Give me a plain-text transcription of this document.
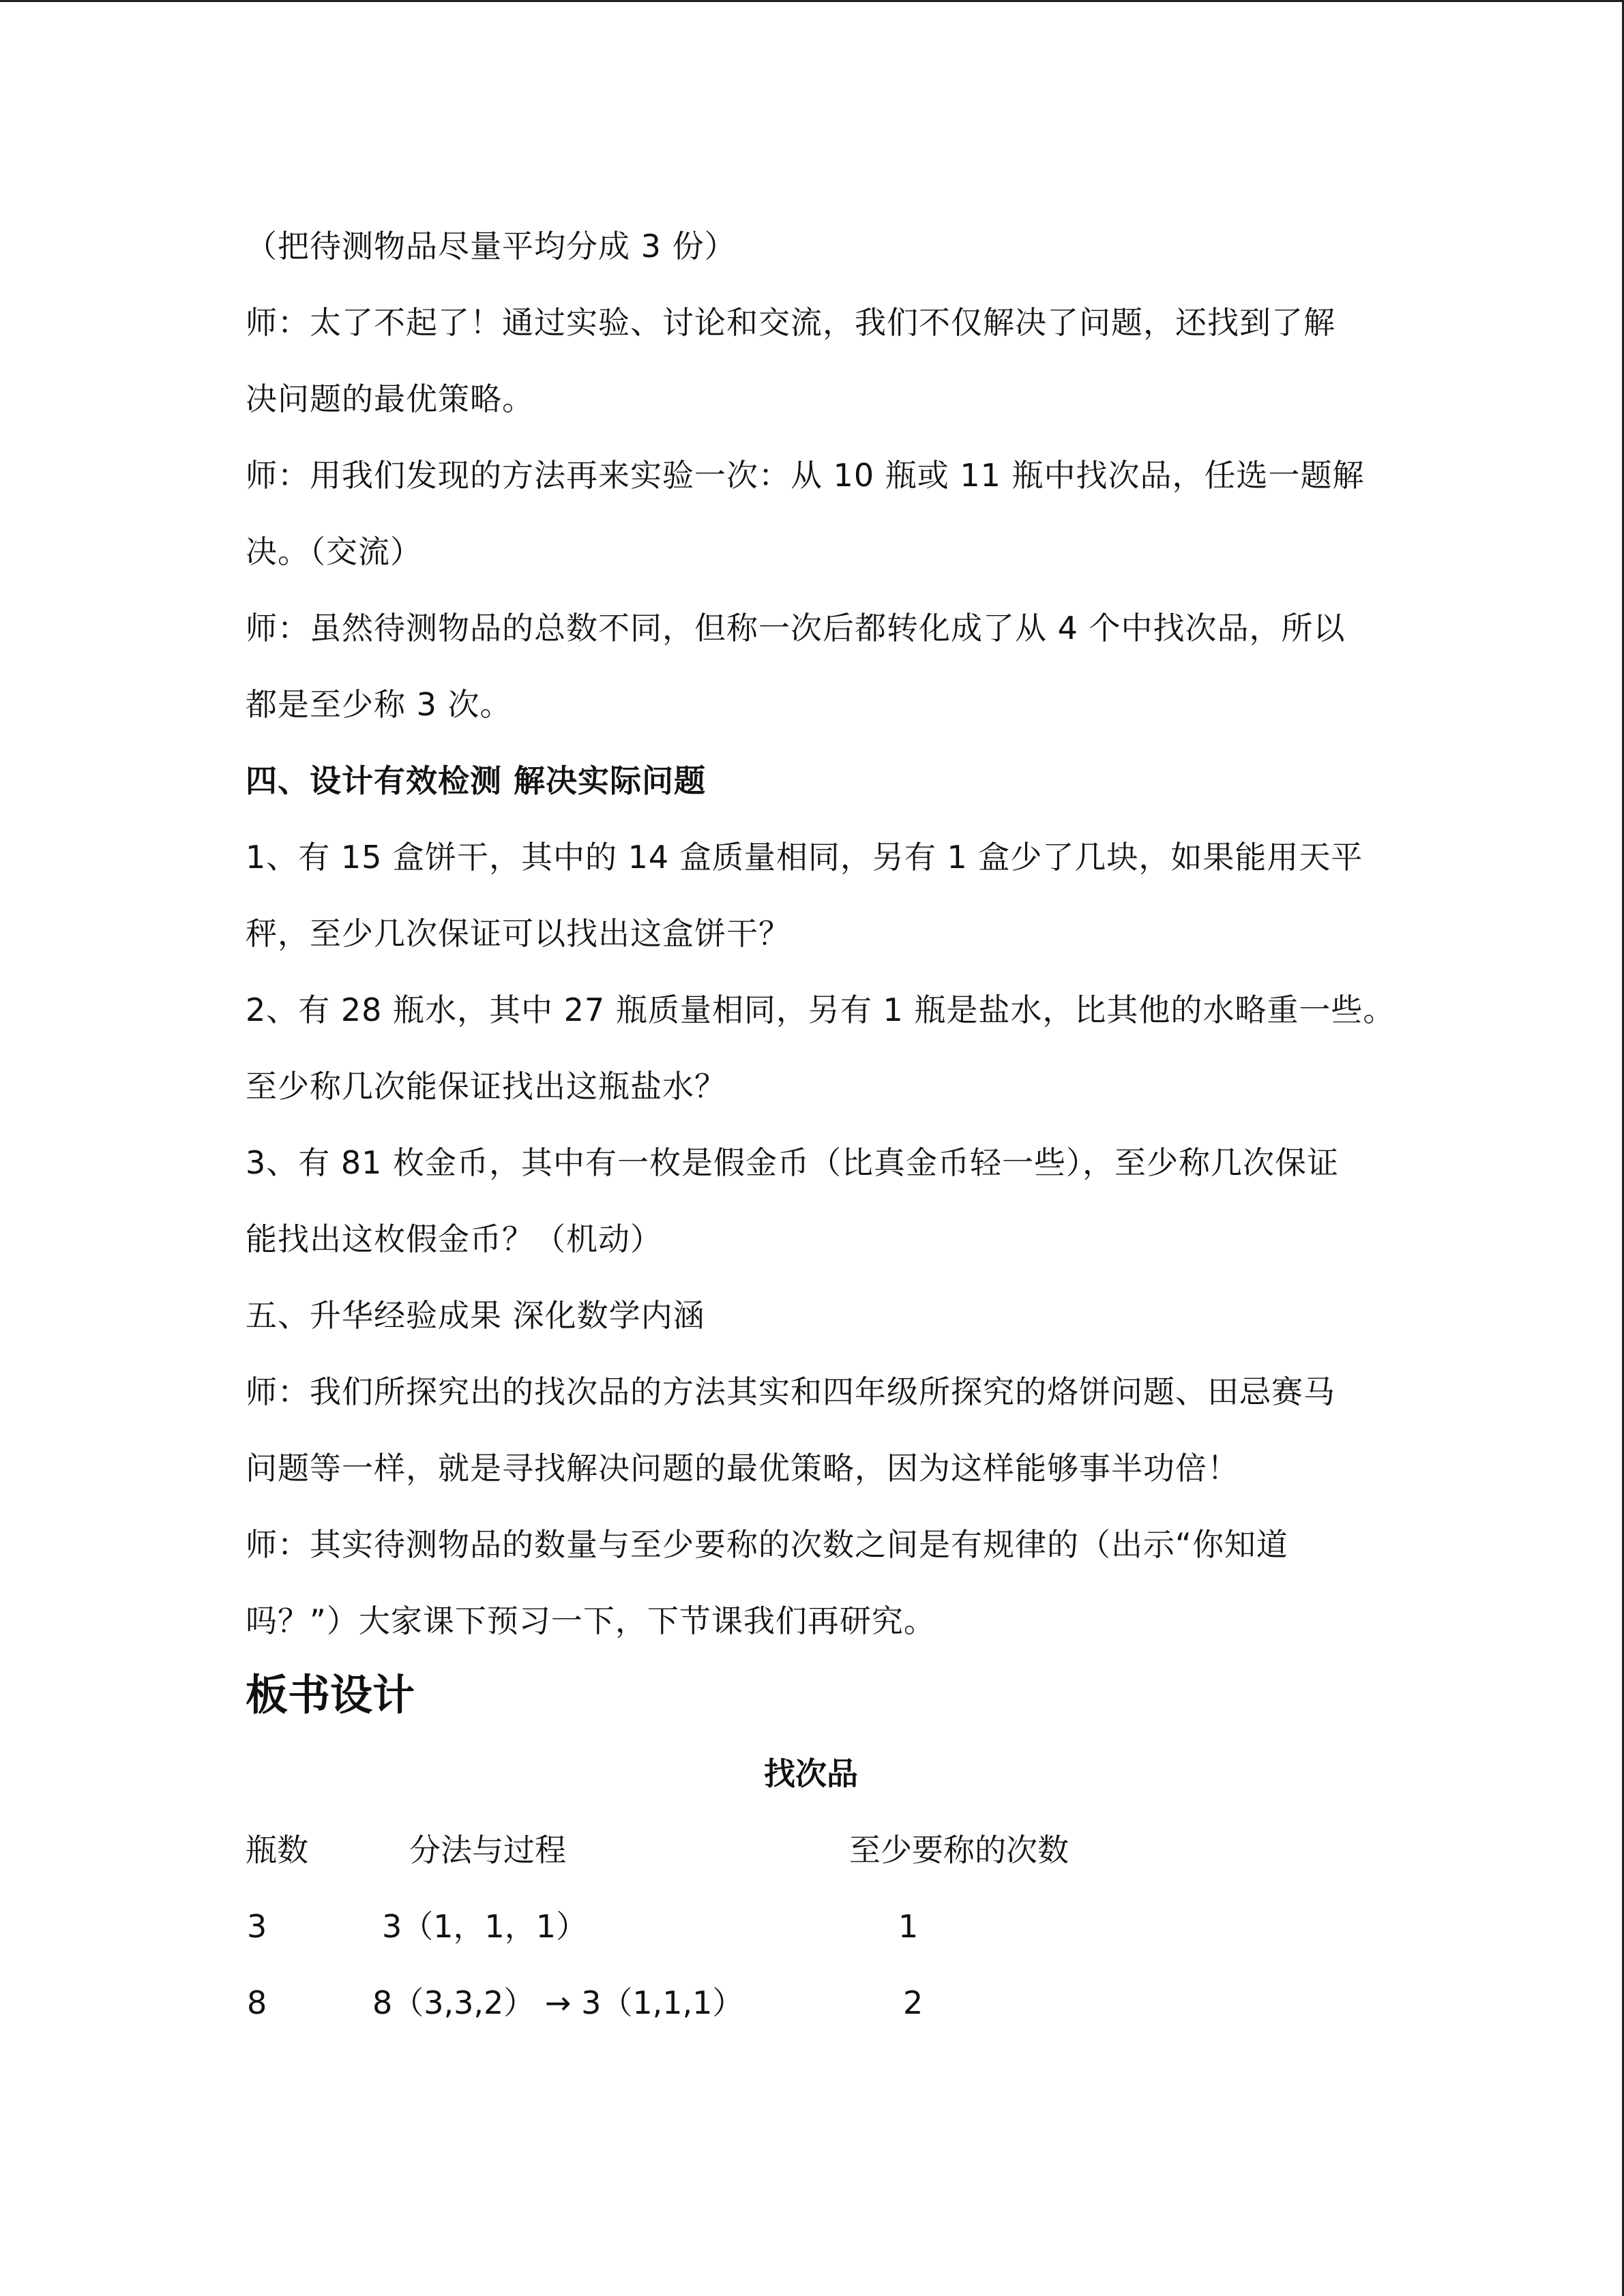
（把待测物品尽量平均分成 3 份）
师：太了不起了！通过实验、讨论和交流，我们不仅解决了问题，还找到了解
决问题的最优策略。
师：用我们发现的方法再来实验一次：从 10 瓶或 11 瓶中找次品，任选一题解
决。（交流）
师：虽然待测物品的总数不同，但称一次后都转化成了从 4 个中找次品，所以
都是至少称 3 次。
四、设计有效检测 解决实际问题
1、有 15 盒饼干，其中的 14 盒质量相同，另有 1 盒少了几块，如果能用天平
秤，至少几次保证可以找出这盒饼干？
2、有 28 瓶水，其中 27 瓶质量相同，另有 1 瓶是盐水，比其他的水略重一些。
至少称几次能保证找出这瓶盐水？
3、有 81 枚金币，其中有一枚是假金币（比真金币轻一些），至少称几次保证
能找出这枚假金币？（机动）
五、升华经验成果 深化数学内涵
师：我们所探究出的找次品的方法其实和四年级所探究的烙饼问题、田忌赛马
问题等一样，就是寻找解决问题的最优策略，因为这样能够事半功倍！
师：其实待测物品的数量与至少要称的次数之间是有规律的（出示“你知道
吗？”）大家课下预习一下，下节课我们再研究。
板书设计
找次品
瓶数	分法与过程	至少要称的次数
3	3（1，1，1）	1
8	8（3,3,2） → 3（1,1,1）	2
